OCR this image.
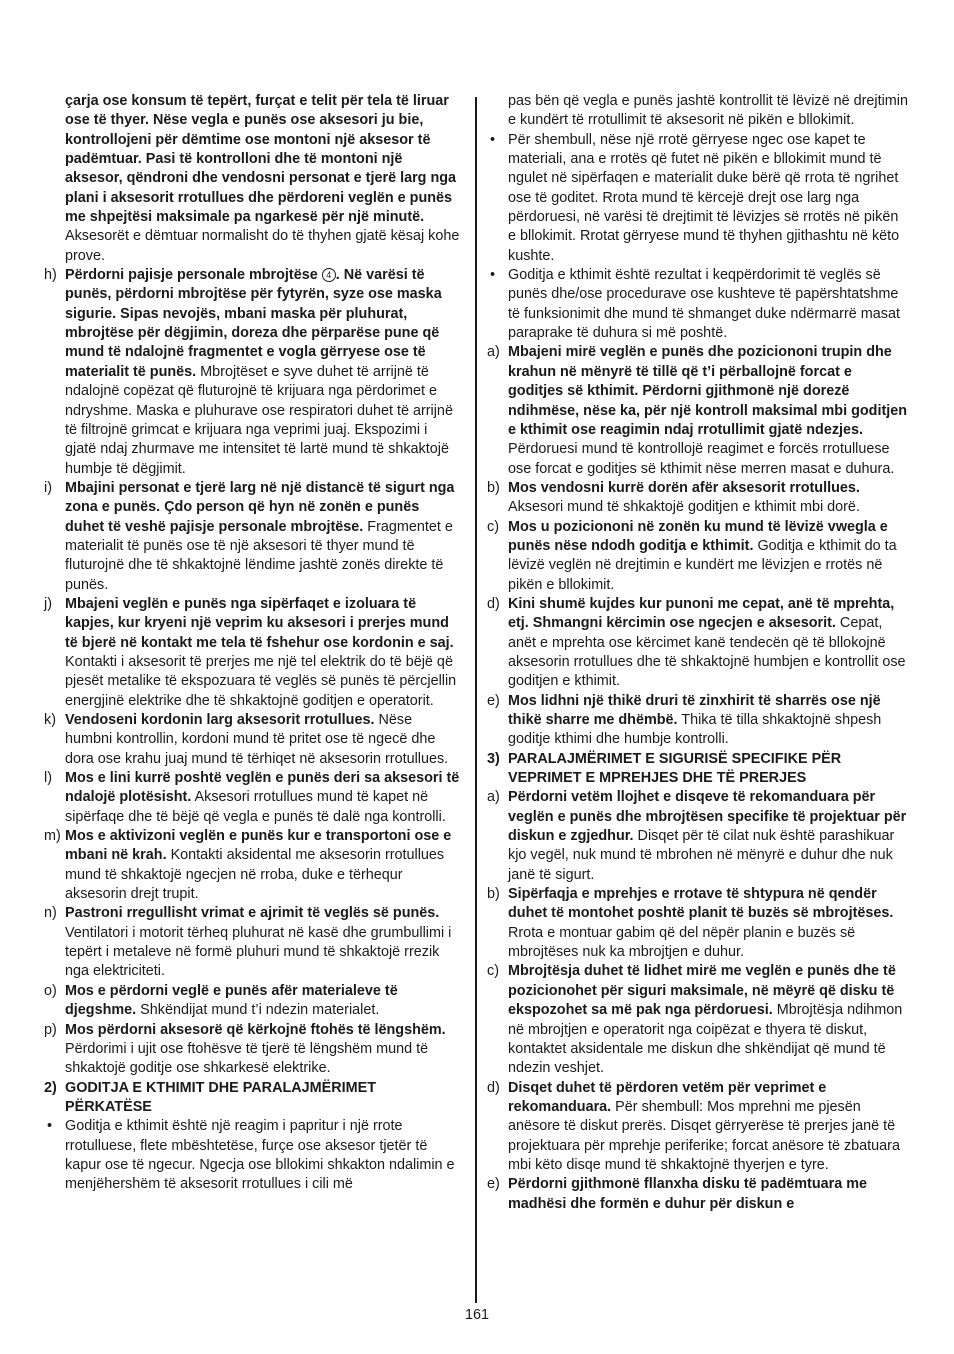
çarja ose konsum të tepërt, furçat e telit për tela të liruar ose të thyer. Nëse vegla e punës ose aksesori ju bie, kontrollojeni për dëmtime ose montoni një aksesor të padëmtuar. Pasi të kontrolloni dhe të montoni një aksesor, qëndroni dhe vendosni personat e tjerë larg nga plani i aksesorit rrotullues dhe përdoreni veglën e punës me shpejtësi maksimale pa ngarkesë për një minutë. Aksesorët e dëmtuar normalisht do të thyhen gjatë kësaj kohe prove.

h) Përdorni pajisje personale mbrojtëse 4 . Në varësi të punës, përdorni mbrojtëse për fytyrën, syze ose maska sigurie. Sipas nevojës, mbani maska për pluhurat, mbrojtëse për dëgjimin, doreza dhe përparëse pune që mund të ndalojnë fragmentet e vogla gërryese ose të materialit të punës. Mbrojtëset e syve duhet të arrijnë të ndalojnë copëzat që fluturojnë të krijuara nga përdorimet e ndryshme. Maska e pluhurave ose respiratori duhet të arrijnë të filtrojnë grimcat e krijuara nga veprimi juaj. Ekspozimi i gjatë ndaj zhurmave me intensitet të lartë mund të shkaktojë humbje të dëgjimit.

i) Mbajini personat e tjerë larg në një distancë të sigurt nga zona e punës. Çdo person që hyn në zonën e punës duhet të veshë pajisje personale mbrojtëse. Fragmentet e materialit të punës ose të një aksesori të thyer mund të fluturojnë dhe të shkaktojnë lëndime jashtë zonës direkte të punës.

j) Mbajeni veglën e punës nga sipërfaqet e izoluara të kapjes, kur kryeni një veprim ku aksesori i prerjes mund të bjerë në kontakt me tela të fshehur ose kordonin e saj. Kontakti i aksesorit të prerjes me një tel elektrik do të bëjë që pjesët metalike të ekspozuara të veglës së punës të përcjellin energjinë elektrike dhe të shkaktojnë goditjen e operatorit.

k) Vendoseni kordonin larg aksesorit rrotullues. Nëse humbni kontrollin, kordoni mund të pritet ose të ngecë dhe dora ose krahu juaj mund të tërhiqet në aksesorin rrotullues.

l) Mos e lini kurrë poshtë veglën e punës deri sa aksesori të ndalojë plotësisht. Aksesori rrotullues mund të kapet në sipërfaqe dhe të bëjë që vegla e punës të dalë nga kontrolli.

m) Mos e aktivizoni veglën e punës kur e transportoni ose e mbani në krah. Kontakti aksidental me aksesorin rrotullues mund të shkaktojë ngecjen në rroba, duke e tërhequr aksesorin drejt trupit.

n) Pastroni rregullisht vrimat e ajrimit të veglës së punës. Ventilatori i motorit tërheq pluhurat në kasë dhe grumbullimi i tepërt i metaleve në formë pluhuri mund të shkaktojë rrezik nga elektriciteti.

o) Mos e përdorni veglë e punës afër materialeve të djegshme. Shkëndijat mund t’i ndezin materialet.

p) Mos përdorni aksesorë që kërkojnë ftohës të lëngshëm. Përdorimi i ujit ose ftohësve të tjerë të lëngshëm mund të shkaktojë goditje ose shkarkesë elektrike.

2) GODITJA E KTHIMIT DHE PARALAJMËRIMET PËRKATËSE

• Goditja e kthimit është një reagim i papritur i një rrote rrotulluese, flete mbështetëse, furçe ose aksesor tjetër të kapur ose të ngecur. Ngecja ose bllokimi shkakton ndalimin e menjëhershëm të aksesorit rrotullues i cili më

pas bën që vegla e punës jashtë kontrollit të lëvizë në drejtimin e kundërt të rrotullimit të aksesorit në pikën e bllokimit.

• Për shembull, nëse një rrotë gërryese ngec ose kapet te materiali, ana e rrotës që futet në pikën e bllokimit mund të ngulet në sipërfaqen e materialit duke bërë që rrota të ngrihet ose të goditet. Rrota mund të kërcejë drejt ose larg nga përdoruesi, në varësi të drejtimit të lëvizjes së rrotës në pikën e bllokimit. Rrotat gërryese mund të thyhen gjithashtu në këto kushte.

• Goditja e kthimit është rezultat i keqpërdorimit të veglës së punës dhe/ose procedurave ose kushteve të papërshtatshme të funksionimit dhe mund të shmanget duke ndërmarrë masat paraprake të duhura si më poshtë.

a) Mbajeni mirë veglën e punës dhe poziciononi trupin dhe krahun në mënyrë të tillë që t’i përballojnë forcat e goditjes së kthimit. Përdorni gjithmonë një dorezë ndihmëse, nëse ka, për një kontroll maksimal mbi goditjen e kthimit ose reagimin ndaj rrotullimit gjatë ndezjes. Përdoruesi mund të kontrollojë reagimet e forcës rrotulluese ose forcat e goditjes së kthimit nëse merren masat e duhura.

b) Mos vendosni kurrë dorën afër aksesorit rrotullues. Aksesori mund të shkaktojë goditjen e kthimit mbi dorë.

c) Mos u poziciononi në zonën ku mund të lëvizë vwegla e punës nëse ndodh goditja e kthimit. Goditja e kthimit do ta lëvizë veglën në drejtimin e kundërt me lëvizjen e rrotës në pikën e bllokimit.

d) Kini shumë kujdes kur punoni me cepat, anë të mprehta, etj. Shmangni kërcimin ose ngecjen e aksesorit. Cepat, anët e mprehta ose kërcimet kanë tendecën që të bllokojnë aksesorin rrotullues dhe të shkaktojnë humbjen e kontrollit ose goditjen e kthimit.

e) Mos lidhni një thikë druri të zinxhirit të sharrës ose një thikë sharre me dhëmbë. Thika të tilla shkaktojnë shpesh goditje kthimi dhe humbje kontrolli.

3) PARALAJMËRIMET E SIGURISË SPECIFIKE PËR VEPRIMET E MPREHJES DHE TË PRERJES

a) Përdorni vetëm llojhet e disqeve të rekomanduara për veglën e punës dhe mbrojtësen specifike të projektuar për diskun e zgjedhur. Disqet për të cilat nuk është parashikuar kjo vegël, nuk mund të mbrohen në mënyrë e duhur dhe nuk janë të sigurt.

b) Sipërfaqja e mprehjes e rrotave të shtypura në qendër duhet të montohet poshtë planit të buzës së mbrojtëses. Rrota e montuar gabim që del nëpër planin e buzës së mbrojtëses nuk ka mbrojtjen e duhur.

c) Mbrojtësja duhet të lidhet mirë me veglën e punës dhe të pozicionohet për siguri maksimale, në mëyrë që disku të ekspozohet sa më pak nga përdoruesi. Mbrojtësja ndihmon në mbrojtjen e operatorit nga coipëzat e thyera të diskut, kontaktet aksidentale me diskun dhe shkëndijat që mund të ndezin veshjet.

d) Disqet duhet të përdoren vetëm për veprimet e rekomanduara. Për shembull: Mos mprehni me pjesën anësore të diskut prerës. Disqet gërryerëse të prerjes janë të projektuara për mprehje periferike; forcat anësore të zbatuara mbi këto disqe mund të shkaktojnë thyerjen e tyre.

e) Përdorni gjithmonë fllanxha disku të padëmtuara me madhësi dhe formën e duhur për diskun e

161
